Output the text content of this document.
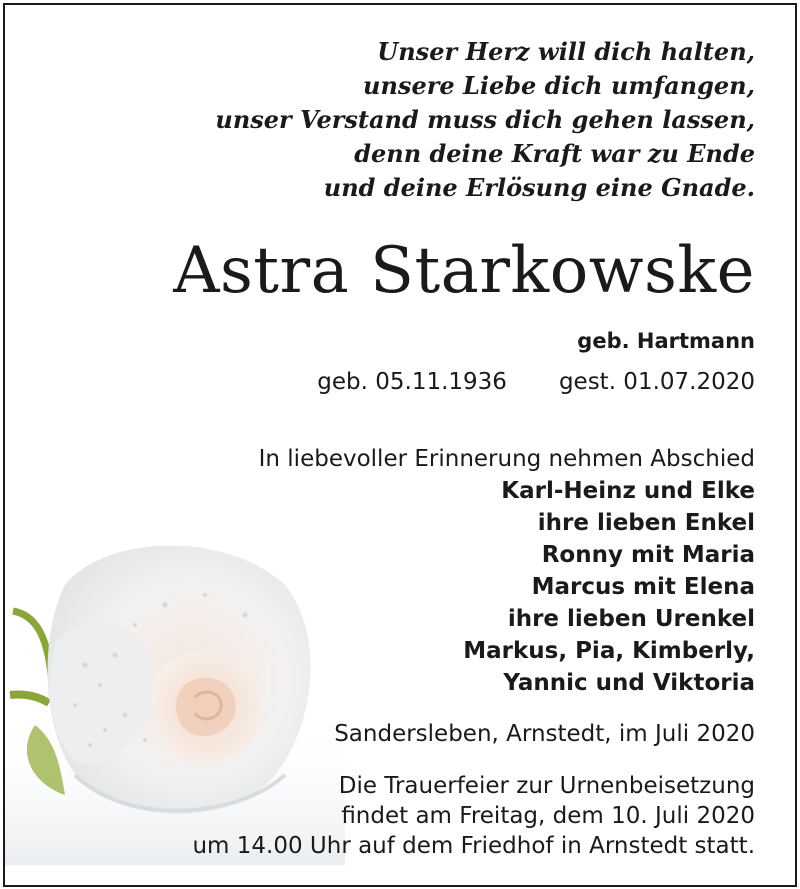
Unser Herz will dich halten,
unsere Liebe dich umfangen,
unser Verstand muss dich gehen lassen,
denn deine Kraft war zu Ende
und deine Erlösung eine Gnade.
Astra Starkowske
geb. Hartmann
geb. 05.11.1936 gest. 01.07.2020
In liebevoller Erinnerung nehmen Abschied
Karl-Heinz und Elke
ihre lieben Enkel
Ronny mit Maria
Marcus mit Elena
ihre lieben Urenkel
Markus, Pia, Kimberly,
Yannic und Viktoria
Sandersleben, Arnstedt, im Juli 2020
Die Trauerfeier zur Urnenbeisetzung
findet am Freitag, dem 10. Juli 2020
um 14.00 Uhr auf dem Friedhof in Arnstedt statt.
